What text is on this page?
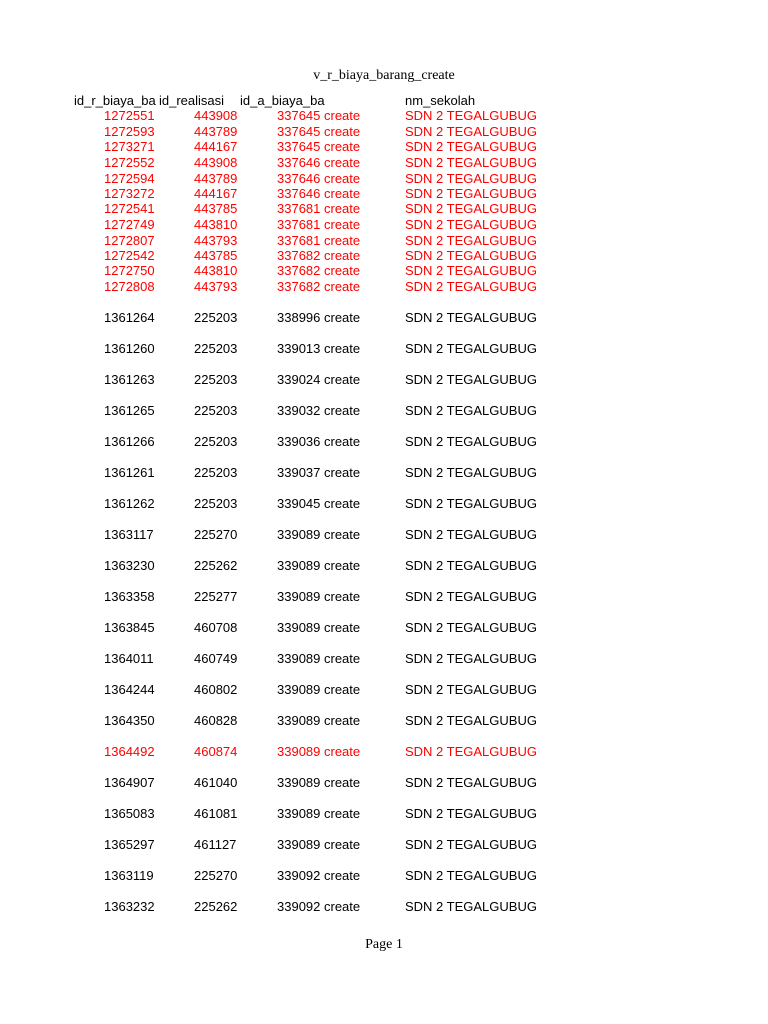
v_r_biaya_barang_create
id_r_biaya_ba id_realisasi	id_a_biaya_ba	nm_sekolah
1272551	443908	337645 create	SDN 2 TEGALGUBUG
1272593	443789	337645 create	SDN 2 TEGALGUBUG
1273271	444167	337645 create	SDN 2 TEGALGUBUG
1272552	443908	337646 create	SDN 2 TEGALGUBUG
1272594	443789	337646 create	SDN 2 TEGALGUBUG
1273272	444167	337646 create	SDN 2 TEGALGUBUG
1272541	443785	337681 create	SDN 2 TEGALGUBUG
1272749	443810	337681 create	SDN 2 TEGALGUBUG
1272807	443793	337681 create	SDN 2 TEGALGUBUG
1272542	443785	337682 create	SDN 2 TEGALGUBUG
1272750	443810	337682 create	SDN 2 TEGALGUBUG
1272808	443793	337682 create	SDN 2 TEGALGUBUG
1361264	225203	338996 create	SDN 2 TEGALGUBUG
1361260	225203	339013 create	SDN 2 TEGALGUBUG
1361263	225203	339024 create	SDN 2 TEGALGUBUG
1361265	225203	339032 create	SDN 2 TEGALGUBUG
1361266	225203	339036 create	SDN 2 TEGALGUBUG
1361261	225203	339037 create	SDN 2 TEGALGUBUG
1361262	225203	339045 create	SDN 2 TEGALGUBUG
1363117	225270	339089 create	SDN 2 TEGALGUBUG
1363230	225262	339089 create	SDN 2 TEGALGUBUG
1363358	225277	339089 create	SDN 2 TEGALGUBUG
1363845	460708	339089 create	SDN 2 TEGALGUBUG
1364011	460749	339089 create	SDN 2 TEGALGUBUG
1364244	460802	339089 create	SDN 2 TEGALGUBUG
1364350	460828	339089 create	SDN 2 TEGALGUBUG
1364492	460874	339089 create	SDN 2 TEGALGUBUG
1364907	461040	339089 create	SDN 2 TEGALGUBUG
1365083	461081	339089 create	SDN 2 TEGALGUBUG
1365297	461127	339089 create	SDN 2 TEGALGUBUG
1363119	225270	339092 create	SDN 2 TEGALGUBUG
1363232	225262	339092 create	SDN 2 TEGALGUBUG
Page 1
